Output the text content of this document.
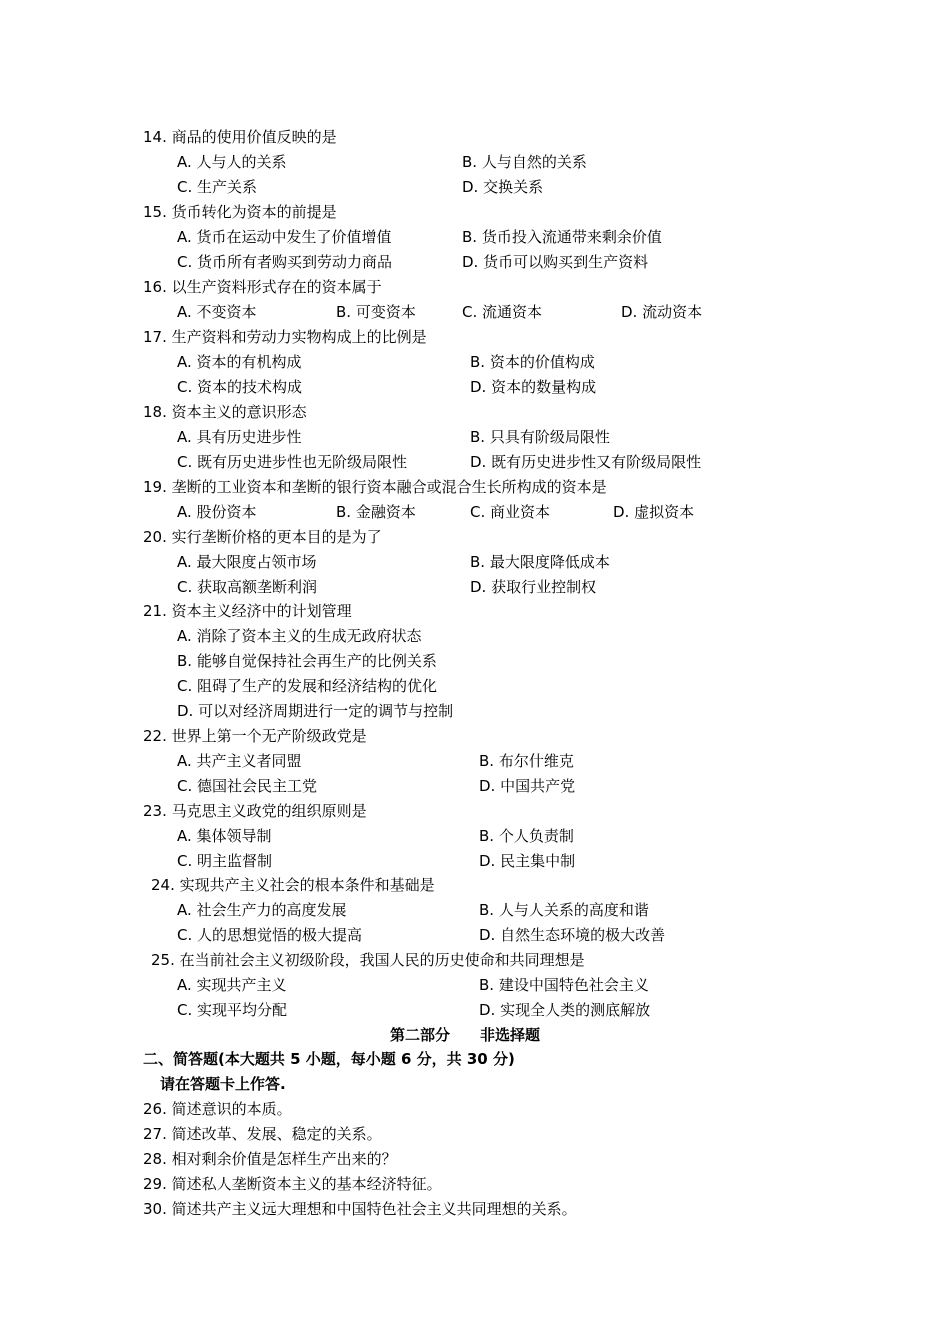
14. 商品的使用价值反映的是
A. 人与人的关系	B. 人与自然的关系
C. 生产关系	D. 交换关系
15. 货币转化为资本的前提是
A. 货币在运动中发生了价值增值	B. 货币投入流通带来剩余价值
C. 货币所有者购买到劳动力商品	D. 货币可以购买到生产资料
16. 以生产资料形式存在的资本属于
A. 不变资本	B. 可变资本	C. 流通资本	D. 流动资本
17. 生产资料和劳动力实物构成上的比例是
A. 资本的有机构成	B. 资本的价值构成
C. 资本的技术构成	D. 资本的数量构成
18. 资本主义的意识形态
A. 具有历史进步性	B. 只具有阶级局限性
C. 既有历史进步性也无阶级局限性	D. 既有历史进步性又有阶级局限性
19. 垄断的工业资本和垄断的银行资本融合或混合生长所构成的资本是
A. 股份资本	B. 金融资本	C. 商业资本	D. 虚拟资本
20. 实行垄断价格的更本目的是为了
A. 最大限度占领市场	B. 最大限度降低成本
C. 获取高额垄断利润	D. 获取行业控制权
21. 资本主义经济中的计划管理
A. 消除了资本主义的生成无政府状态
B. 能够自觉保持社会再生产的比例关系
C. 阻碍了生产的发展和经济结构的优化
D. 可以对经济周期进行一定的调节与控制
22. 世界上第一个无产阶级政党是
A. 共产主义者同盟	B. 布尔什维克
C. 德国社会民主工党	D. 中国共产党
23. 马克思主义政党的组织原则是
A. 集体领导制	B. 个人负责制
C. 明主监督制	D. 民主集中制
24. 实现共产主义社会的根本条件和基础是
A. 社会生产力的高度发展	B. 人与人关系的高度和谐
C. 人的思想觉悟的极大提高	D. 自然生态环境的极大改善
25. 在当前社会主义初级阶段，我国人民的历史使命和共同理想是
A. 实现共产主义	B. 建设中国特色社会主义
C. 实现平均分配	D. 实现全人类的测底解放
第二部分　　非选择题
二、简答题(本大题共 5 小题，每小题 6 分，共 30 分)
请在答题卡上作答.
26. 简述意识的本质。
27. 简述改革、发展、稳定的关系。
28. 相对剩余价值是怎样生产出来的？
29. 简述私人垄断资本主义的基本经济特征。
30. 简述共产主义远大理想和中国特色社会主义共同理想的关系。
